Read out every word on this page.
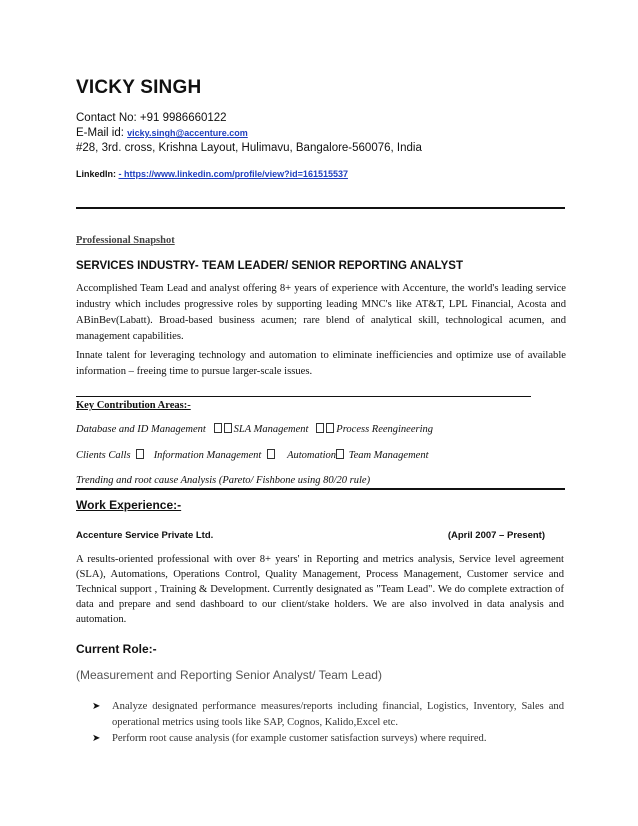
VICKY SINGH
Contact No: +91 9986660122
E-Mail id: vicky.singh@accenture.com
#28, 3rd. cross, Krishna Layout, Hulimavu, Bangalore-560076, India
LinkedIn: - https://www.linkedin.com/profile/view?id=161515537
Professional Snapshot
SERVICES INDUSTRY- TEAM LEADER/ SENIOR REPORTING ANALYST
Accomplished Team Lead and analyst offering 8+ years of experience with Accenture, the world's leading service industry which includes progressive roles by supporting leading MNC's like AT&T, LPL Financial, Acosta and ABinBev(Labatt). Broad-based business acumen; rare blend of analytical skill, technological acumen, and management capabilities.
Innate talent for leveraging technology and automation to eliminate inefficiencies and optimize use of available information – freeing time to pursue larger-scale issues.
Key Contribution Areas:-
Database and ID Management	SLA Management	Process Reengineering
Clients Calls Information Management Automation Team Management
Trending and root cause Analysis (Pareto/ Fishbone using 80/20 rule)
Work Experience:-
Accenture Service Private Ltd.	(April 2007 – Present)
A results-oriented professional with over 8+ years' in Reporting and metrics analysis, Service level agreement (SLA), Automations, Operations Control, Quality Management, Process Management, Customer service and Technical support , Training & Development. Currently designated as "Team Lead". We do complete extraction of data and prepare and send dashboard to our client/stake holders. We are also involved in data analysis and automation.
Current Role:-
(Measurement and Reporting Senior Analyst/ Team Lead)
➤	Analyze designated performance measures/reports including financial, Logistics, Inventory, Sales and operational metrics using tools like SAP, Cognos, Kalido,Excel etc.
➤	Perform root cause analysis (for example customer satisfaction surveys) where required.
